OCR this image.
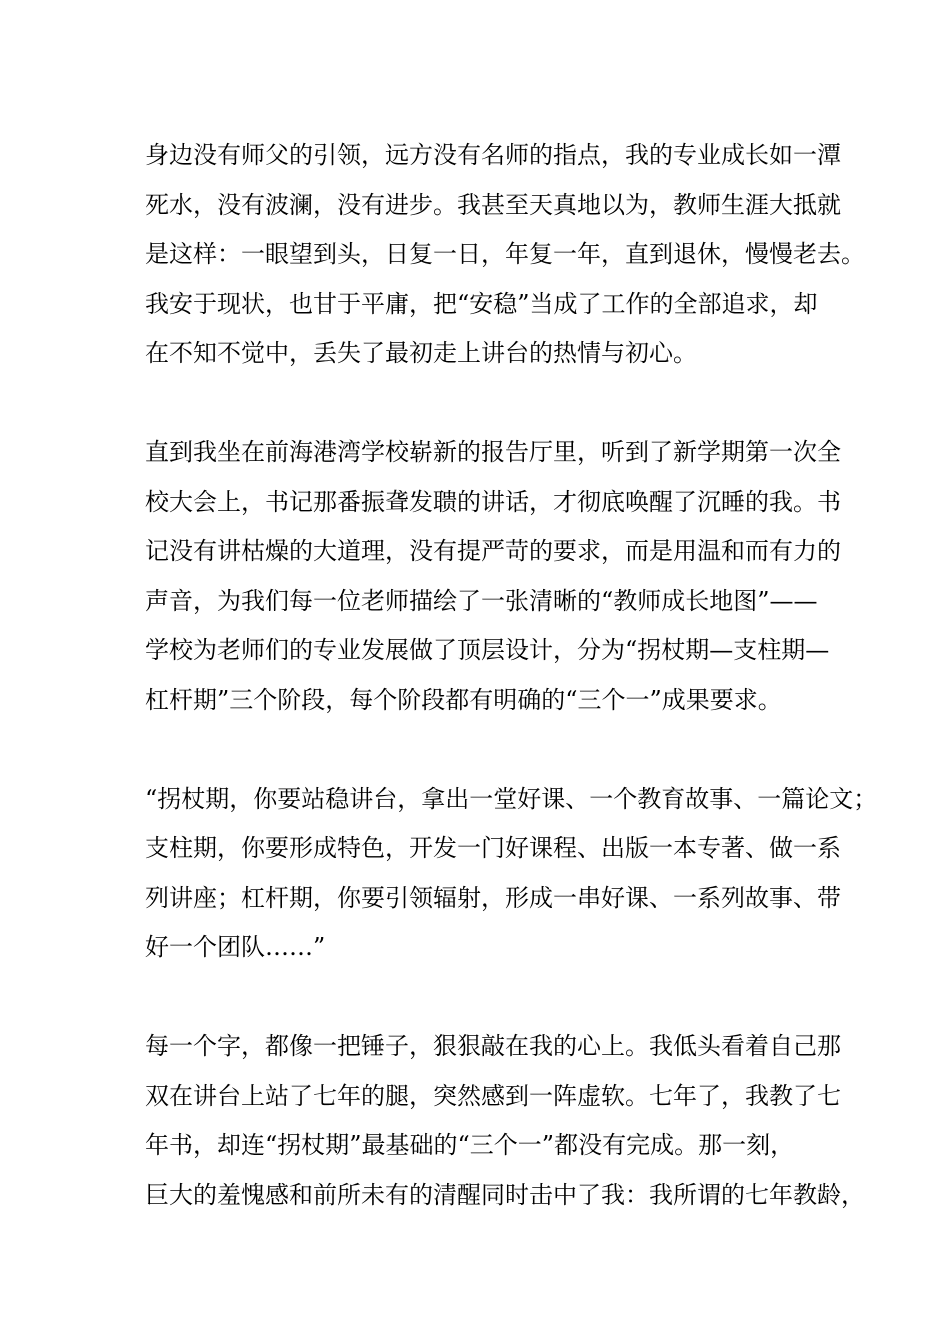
身边没有师父的引领，远方没有名师的指点，我的专业成长如一潭
死水，没有波澜，没有进步。我甚至天真地以为，教师生涯大抵就
是这样：一眼望到头，日复一日，年复一年，直到退休，慢慢老去。
我安于现状，也甘于平庸，把“安稳”当成了工作的全部追求，却
在不知不觉中，丢失了最初走上讲台的热情与初心。
直到我坐在前海港湾学校崭新的报告厅里，听到了新学期第一次全
校大会上，书记那番振聋发聩的讲话，才彻底唤醒了沉睡的我。书
记没有讲枯燥的大道理，没有提严苛的要求，而是用温和而有力的
声音，为我们每一位老师描绘了一张清晰的“教师成长地图”——
学校为老师们的专业发展做了顶层设计，分为“拐杖期—支柱期—
杠杆期”三个阶段，每个阶段都有明确的“三个一”成果要求。
“拐杖期，你要站稳讲台，拿出一堂好课、一个教育故事、一篇论文；
支柱期，你要形成特色，开发一门好课程、出版一本专著、做一系
列讲座；杠杆期，你要引领辐射，形成一串好课、一系列故事、带
好一个团队……”
每一个字，都像一把锤子，狠狠敲在我的心上。我低头看着自己那
双在讲台上站了七年的腿，突然感到一阵虚软。七年了，我教了七
年书，却连“拐杖期”最基础的“三个一”都没有完成。那一刻，
巨大的羞愧感和前所未有的清醒同时击中了我：我所谓的七年教龄，
